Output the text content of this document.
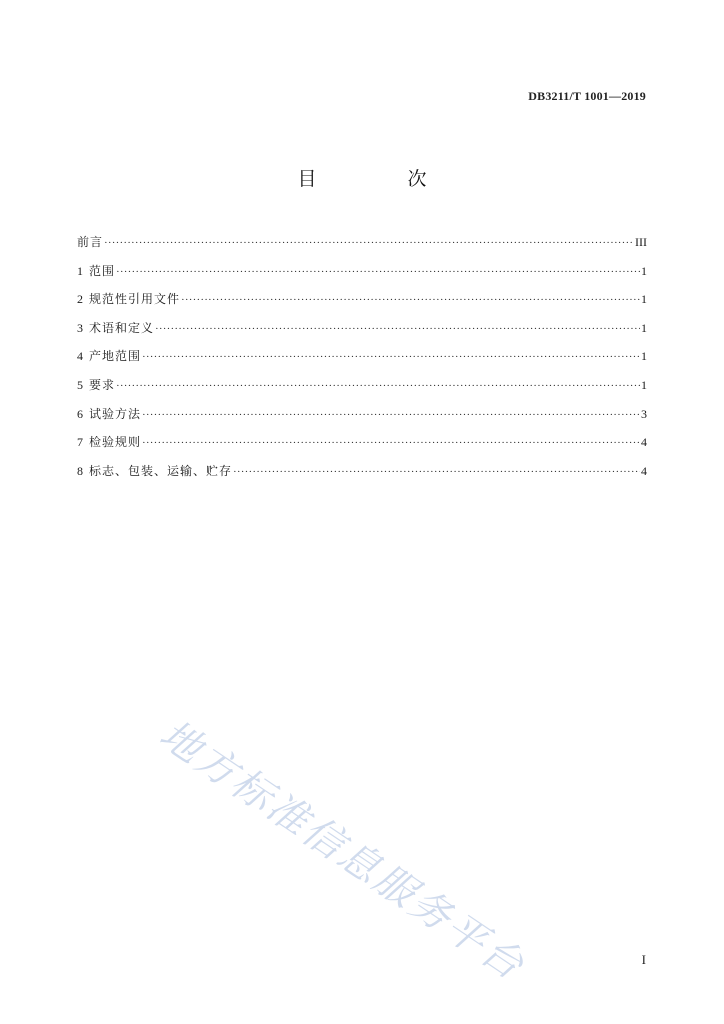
DB3211/T 1001—2019
目　次
前言 ·····	III
1 范围 ·····	1
2 规范性引用文件 ·····	1
3 术语和定义 ·····	1
4 产地范围 ·····	1
5 要求 ·····	1
6 试验方法 ·····	3
7 检验规则 ·····	4
8 标志、包装、运输、贮存 ·····	4
地方标准信息服务平台	I
